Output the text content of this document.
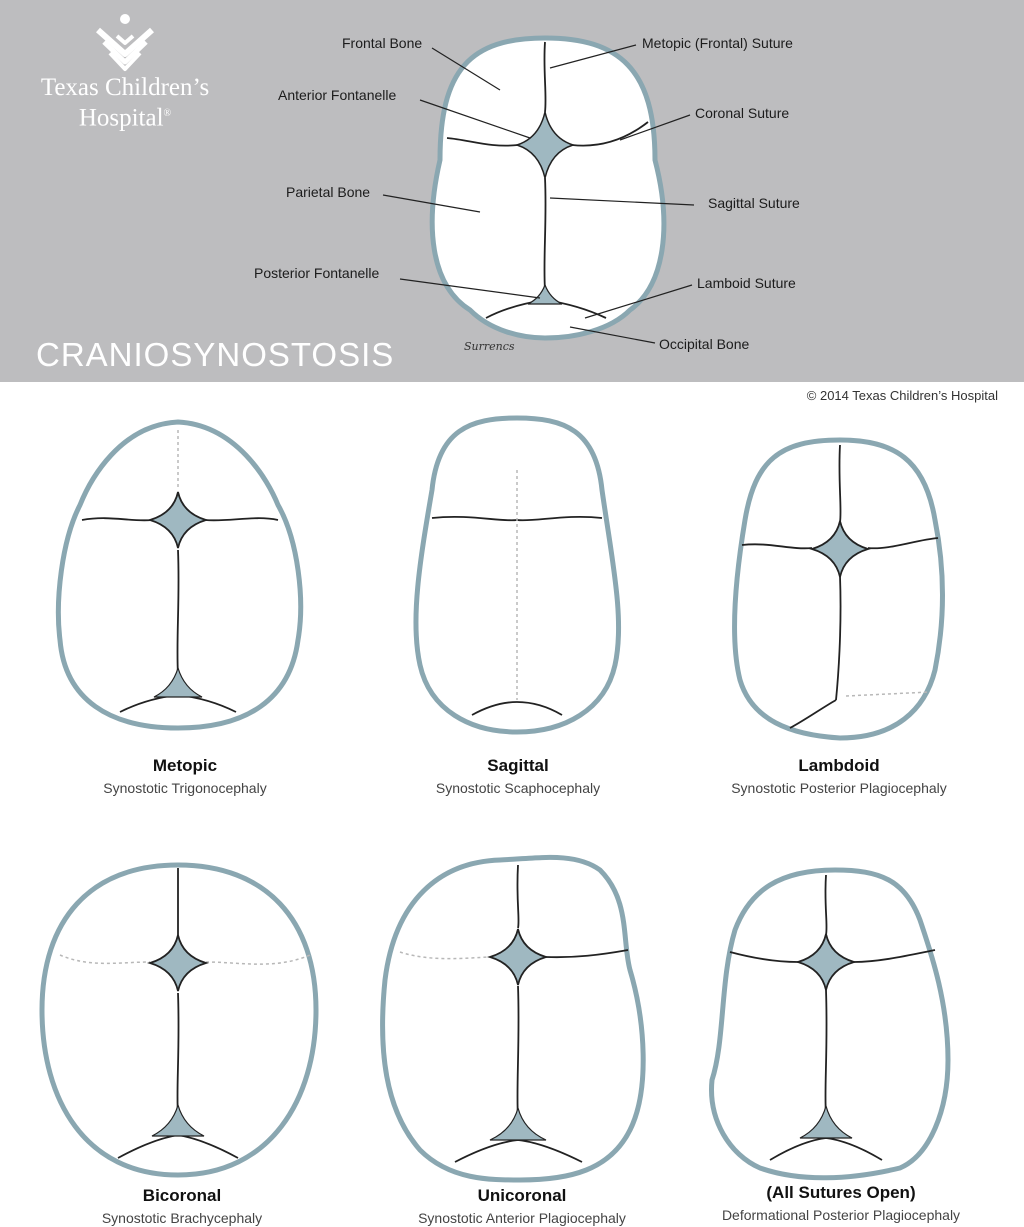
Texas Children’s
Hospital®
CRANIOSYNOSTOSIS
© 2014 Texas Children’s Hospital
Surrencs
Frontal Bone
Anterior Fontanelle
Parietal Bone
Posterior Fontanelle
Metopic (Frontal) Suture
Coronal Suture
Sagittal Suture
Lamboid Suture
Occipital Bone
Metopic
Synostotic Trigonocephaly
Sagittal
Synostotic Scaphocephaly
Lambdoid
Synostotic Posterior Plagiocephaly
Bicoronal
Synostotic Brachycephaly
Unicoronal
Synostotic Anterior Plagiocephaly
(All Sutures Open)
Deformational Posterior Plagiocephaly
